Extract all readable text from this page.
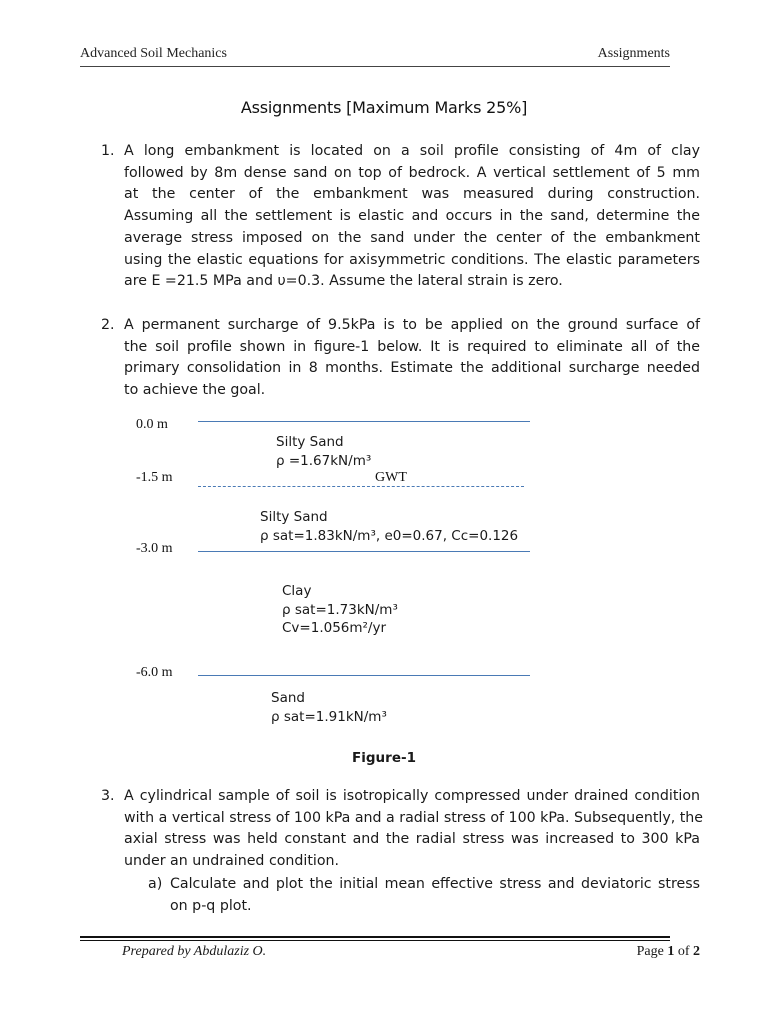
Advanced Soil Mechanics	Assignments
Assignments [Maximum Marks 25%]
1. A long embankment is located on a soil profile consisting of 4m of clay
followed by 8m dense sand on top of bedrock. A vertical settlement of 5 mm
at the center of the embankment was measured during construction.
Assuming all the settlement is elastic and occurs in the sand, determine the
average stress imposed on the sand under the center of the embankment
using the elastic equations for axisymmetric conditions. The elastic parameters
are E =21.5 MPa and υ=0.3. Assume the lateral strain is zero.
2. A permanent surcharge of 9.5kPa is to be applied on the ground surface of
the soil profile shown in figure-1 below. It is required to eliminate all of the
primary consolidation in 8 months. Estimate the additional surcharge needed
to achieve the goal.
0.0 m
Silty Sand
ρ =1.67kN/m³
-1.5 m	GWT
Silty Sand
ρ sat=1.83kN/m³, e0=0.67, Cc=0.126
-3.0 m
Clay
ρ sat=1.73kN/m³
Cv=1.056m²/yr
-6.0 m
Sand
ρ sat=1.91kN/m³
Figure-1
3. A cylindrical sample of soil is isotropically compressed under drained condition
with a vertical stress of 100 kPa and a radial stress of 100 kPa. Subsequently, the
axial stress was held constant and the radial stress was increased to 300 kPa
under an undrained condition.
a) Calculate and plot the initial mean effective stress and deviatoric stress
on p-q plot.
Prepared by Abdulaziz O.	Page 1 of 2
